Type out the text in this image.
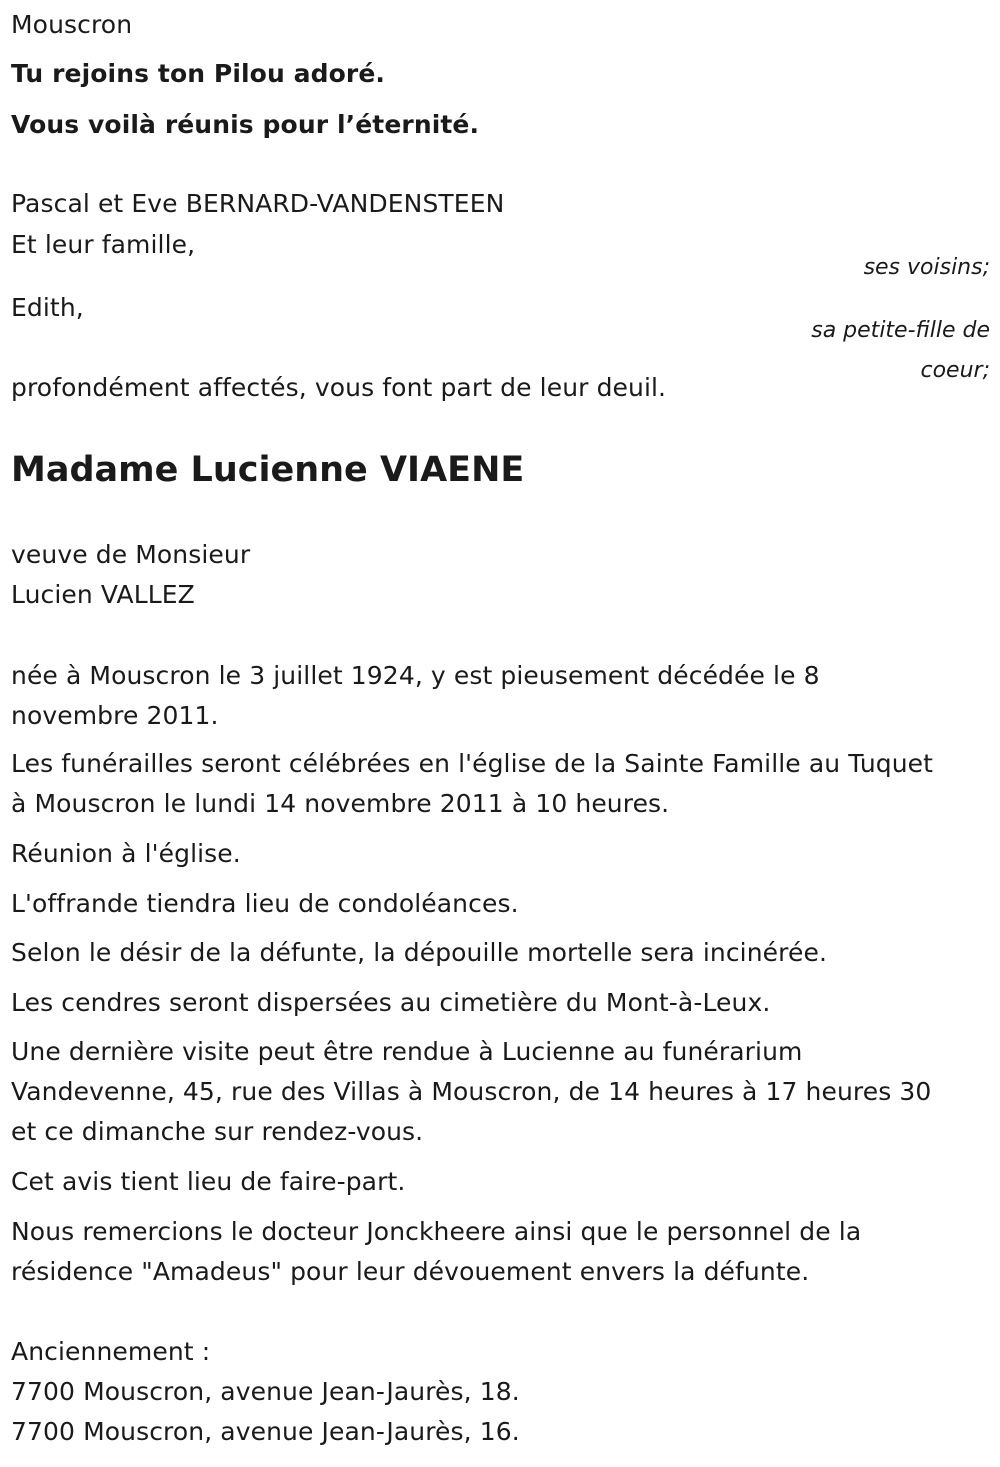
Mouscron
Tu rejoins ton Pilou adoré.
Vous voilà réunis pour l’éternité.
Pascal et Eve BERNARD-VANDENSTEEN
Et leur famille,
Edith,
profondément affectés, vous font part de leur deuil.
ses voisins;
sa petite-fille de
coeur;
Madame Lucienne VIAENE
veuve de Monsieur
Lucien VALLEZ
née à Mouscron le 3 juillet 1924, y est pieusement décédée le 8
novembre 2011.
Les funérailles seront célébrées en l'église de la Sainte Famille au Tuquet
à Mouscron le lundi 14 novembre 2011 à 10 heures.
Réunion à l'église.
L'offrande tiendra lieu de condoléances.
Selon le désir de la défunte, la dépouille mortelle sera incinérée.
Les cendres seront dispersées au cimetière du Mont-à-Leux.
Une dernière visite peut être rendue à Lucienne au funérarium
Vandevenne, 45, rue des Villas à Mouscron, de 14 heures à 17 heures 30
et ce dimanche sur rendez-vous.
Cet avis tient lieu de faire-part.
Nous remercions le docteur Jonckheere ainsi que le personnel de la
résidence "Amadeus" pour leur dévouement envers la défunte.
Anciennement :
7700 Mouscron, avenue Jean-Jaurès, 18.
7700 Mouscron, avenue Jean-Jaurès, 16.
